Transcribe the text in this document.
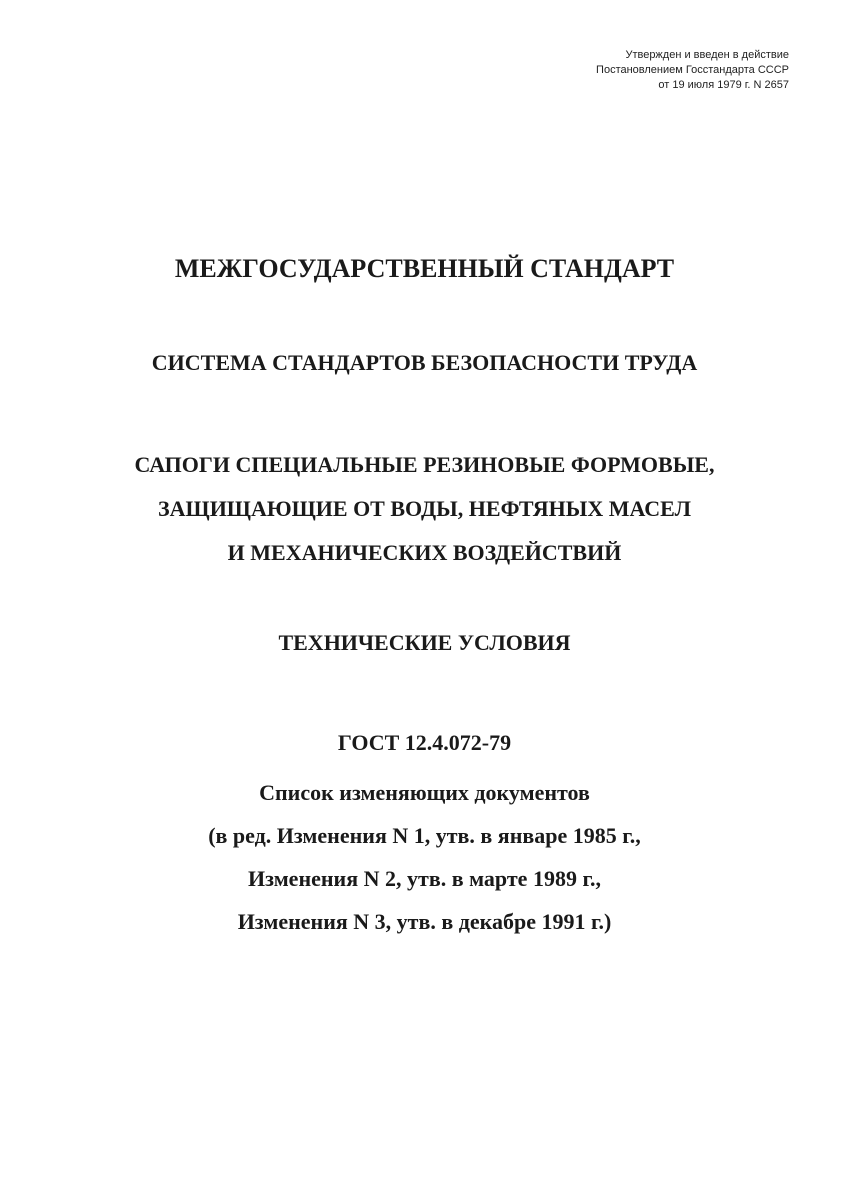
Утвержден и введен в действие
Постановлением Госстандарта СССР
от 19 июля 1979 г. N 2657
МЕЖГОСУДАРСТВЕННЫЙ СТАНДАРТ
СИСТЕМА СТАНДАРТОВ БЕЗОПАСНОСТИ ТРУДА
САПОГИ СПЕЦИАЛЬНЫЕ РЕЗИНОВЫЕ ФОРМОВЫЕ,
ЗАЩИЩАЮЩИЕ ОТ ВОДЫ, НЕФТЯНЫХ МАСЕЛ
И МЕХАНИЧЕСКИХ ВОЗДЕЙСТВИЙ
ТЕХНИЧЕСКИЕ УСЛОВИЯ
ГОСТ 12.4.072-79
Список изменяющих документов
(в ред. Изменения N 1, утв. в январе 1985 г.,
Изменения N 2, утв. в марте 1989 г.,
Изменения N 3, утв. в декабре 1991 г.)
